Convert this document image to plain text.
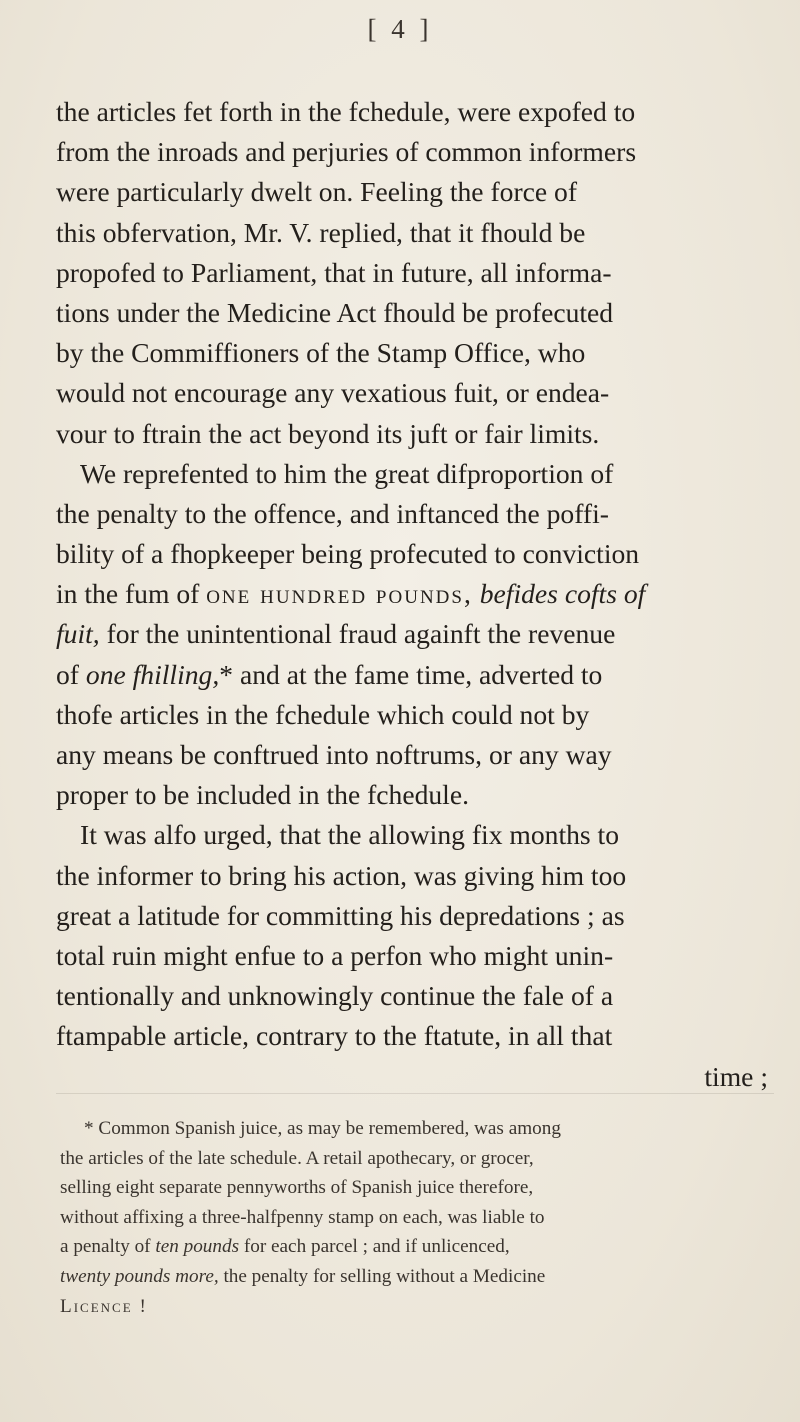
[ 4 ]
the articles fet forth in the fchedule, were expofed to
from the inroads and perjuries of common informers
were particularly dwelt on. Feeling the force of
this obfervation, Mr. V. replied, that it fhould be
propofed to Parliament, that in future, all informa-
tions under the Medicine Act fhould be profecuted
by the Commiffioners of the Stamp Office, who
would not encourage any vexatious fuit, or endea-
vour to ftrain the act beyond its juft or fair limits.
We reprefented to him the great difproportion of
the penalty to the offence, and inftanced the poffi-
bility of a fhopkeeper being profecuted to conviction
in the fum of one hundred pounds, befides cofts of
fuit, for the unintentional fraud againft the revenue
of one fhilling,* and at the fame time, adverted to
thofe articles in the fchedule which could not by
any means be conftrued into noftrums, or any way
proper to be included in the fchedule.
It was alfo urged, that the allowing fix months to
the informer to bring his action, was giving him too
great a latitude for committing his depredations ; as
total ruin might enfue to a perfon who might unin-
tentionally and unknowingly continue the fale of a
ftampable article, contrary to the ftatute, in all that
time ;
* Common Spanish juice, as may be remembered, was among
the articles of the late schedule. A retail apothecary, or grocer,
selling eight separate pennyworths of Spanish juice therefore,
without affixing a three-halfpenny stamp on each, was liable to
a penalty of ten pounds for each parcel ; and if unlicenced,
twenty pounds more, the penalty for selling without a Medicine
Licence !
